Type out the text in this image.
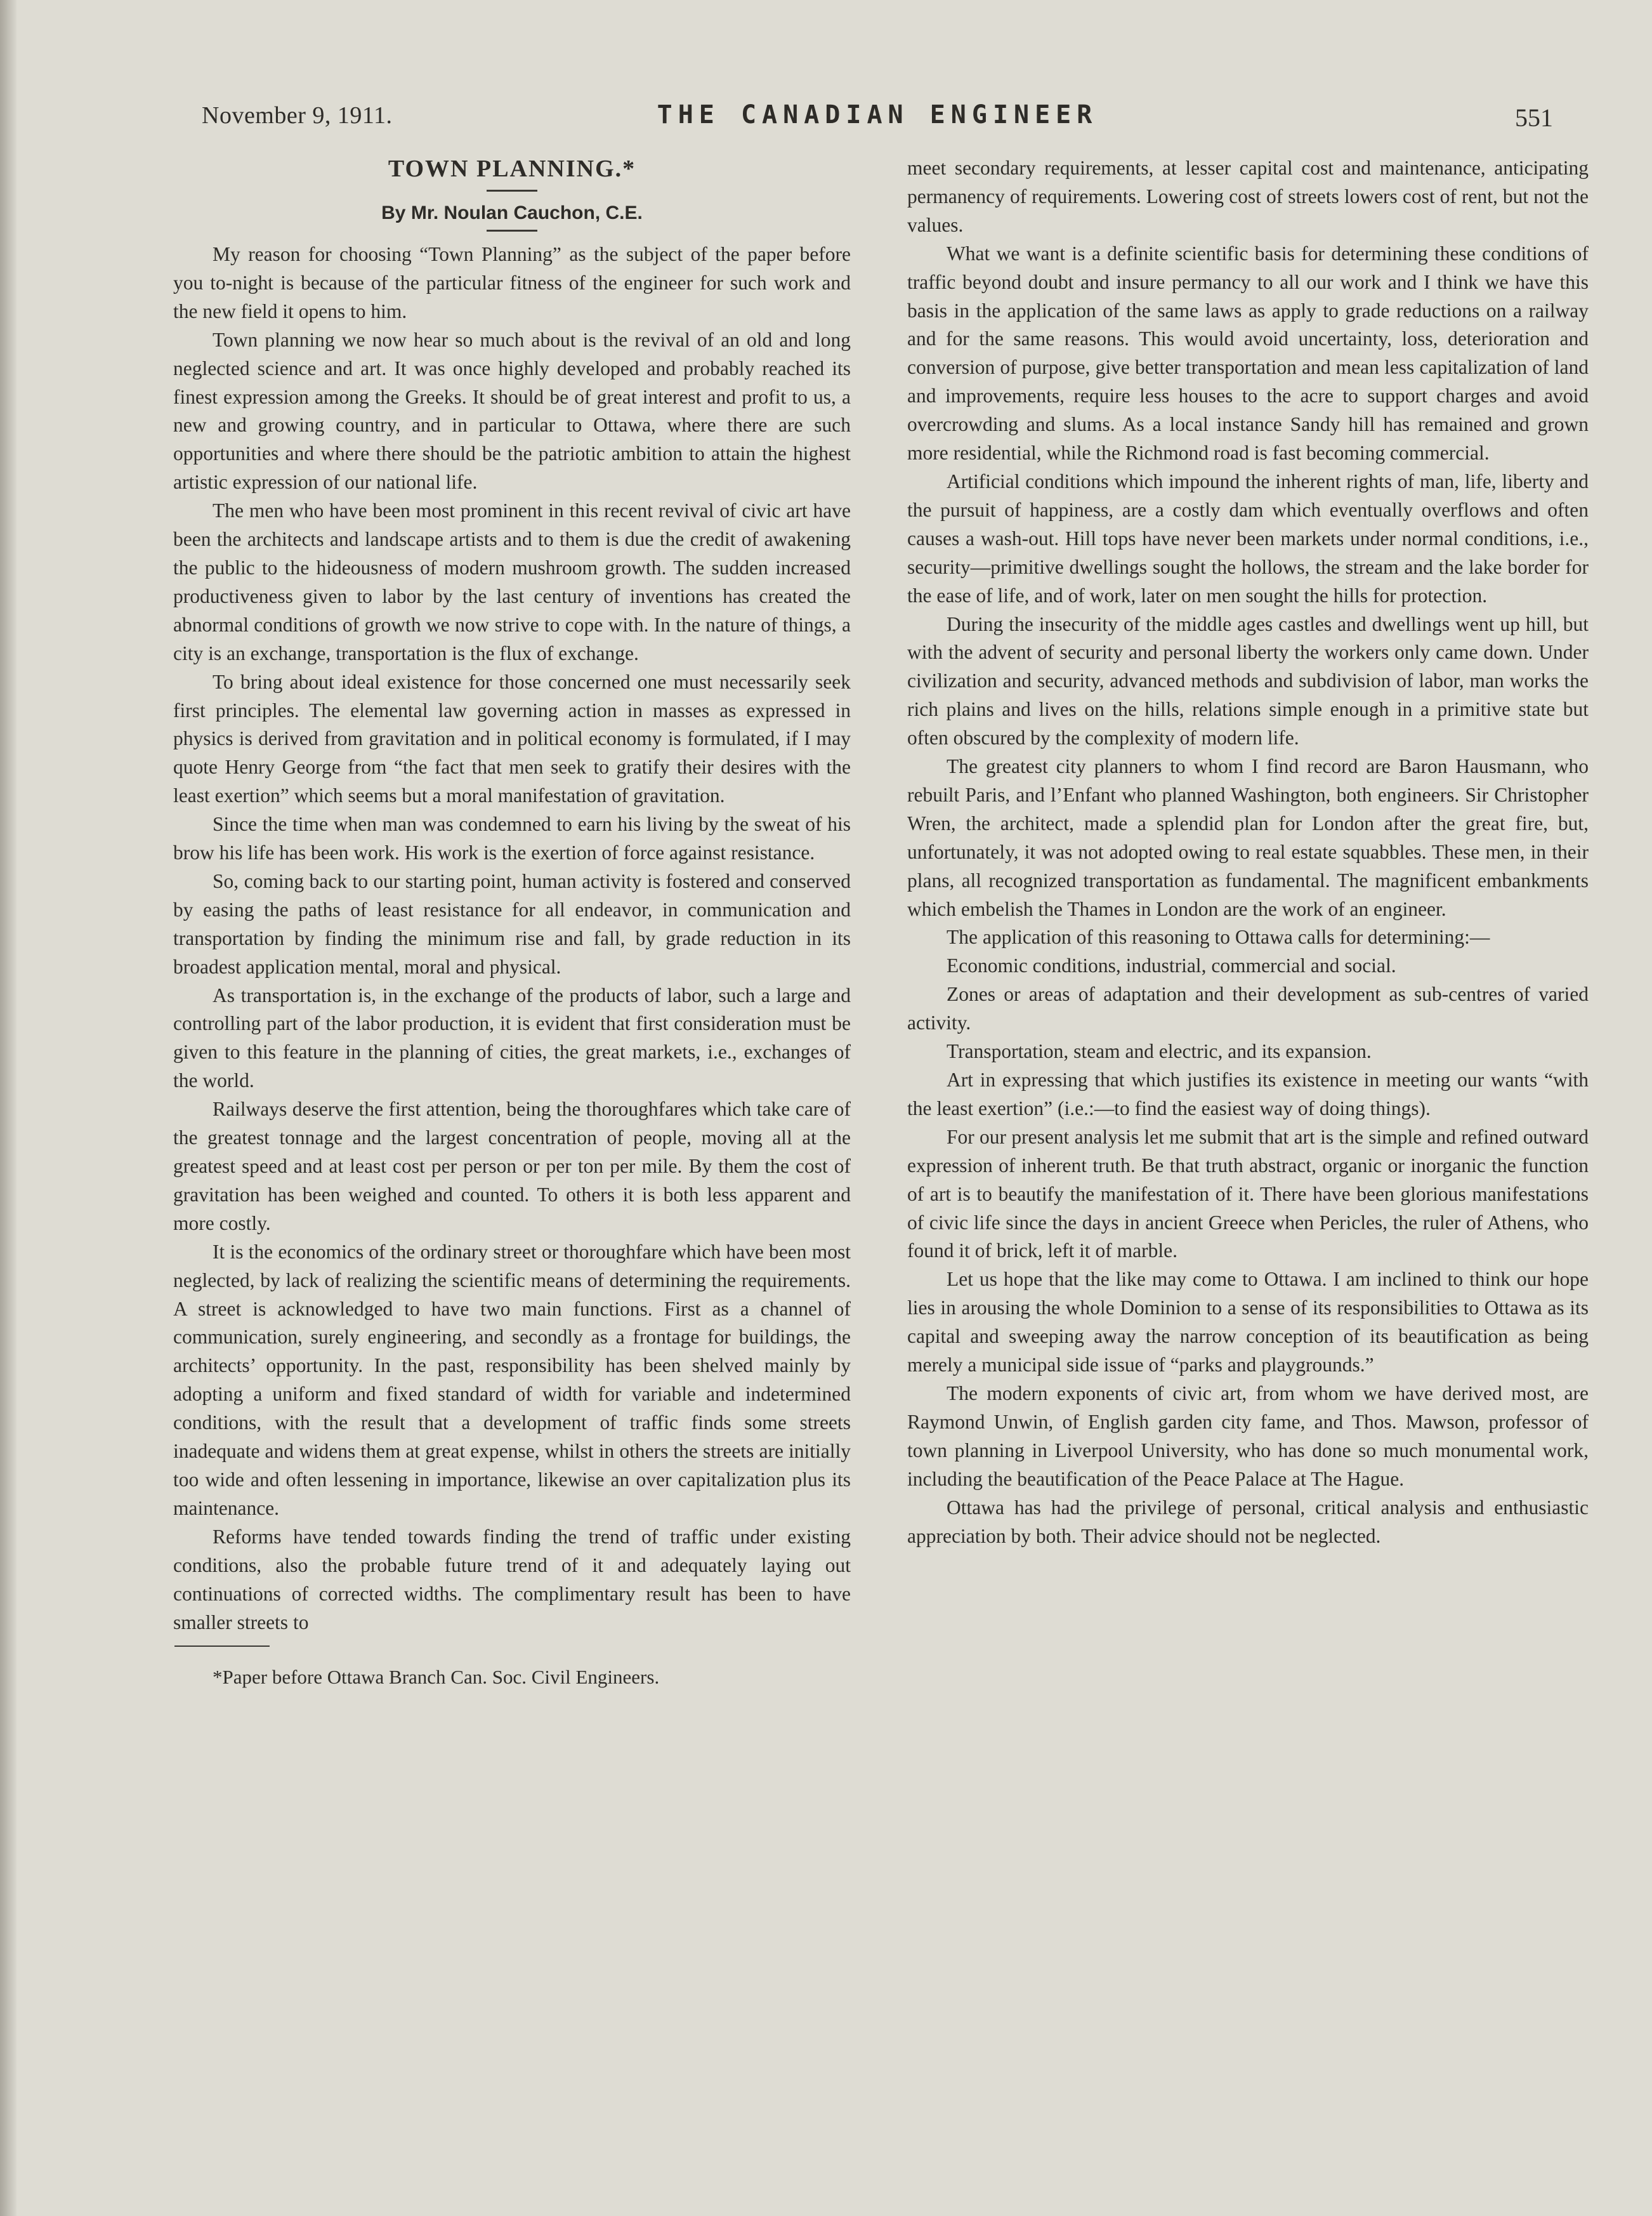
November 9, 1911.	THE CANADIAN ENGINEER	551
TOWN PLANNING.*
By Mr. Noulan Cauchon, C.E.

My reason for choosing “Town Planning” as the subject of the paper before you to-night is because of the particular fitness of the engineer for such work and the new field it opens to him.

Town planning we now hear so much about is the revival of an old and long neglected science and art. It was once highly developed and probably reached its finest expression among the Greeks. It should be of great interest and profit to us, a new and growing country, and in particular to Ottawa, where there are such opportunities and where there should be the patriotic ambition to attain the highest artistic expression of our national life.

The men who have been most prominent in this recent revival of civic art have been the architects and landscape artists and to them is due the credit of awakening the public to the hideousness of modern mushroom growth. The sudden increased productiveness given to labor by the last century of inventions has created the abnormal conditions of growth we now strive to cope with. In the nature of things, a city is an exchange, transportation is the flux of exchange.

To bring about ideal existence for those concerned one must necessarily seek first principles. The elemental law governing action in masses as expressed in physics is derived from gravitation and in political economy is formulated, if I may quote Henry George from “the fact that men seek to gratify their desires with the least exertion” which seems but a moral manifestation of gravitation.

Since the time when man was condemned to earn his living by the sweat of his brow his life has been work. His work is the exertion of force against resistance.

So, coming back to our starting point, human activity is fostered and conserved by easing the paths of least resistance for all endeavor, in communication and transportation by finding the minimum rise and fall, by grade reduction in its broadest application mental, moral and physical.

As transportation is, in the exchange of the products of labor, such a large and controlling part of the labor production, it is evident that first consideration must be given to this feature in the planning of cities, the great markets, i.e., exchanges of the world.

Railways deserve the first attention, being the thoroughfares which take care of the greatest tonnage and the largest concentration of people, moving all at the greatest speed and at least cost per person or per ton per mile. By them the cost of gravitation has been weighed and counted. To others it is both less apparent and more costly.

It is the economics of the ordinary street or thoroughfare which have been most neglected, by lack of realizing the scientific means of determining the requirements. A street is acknowledged to have two main functions. First as a channel of communication, surely engineering, and secondly as a frontage for buildings, the architects’ opportunity. In the past, responsibility has been shelved mainly by adopting a uniform and fixed standard of width for variable and indetermined conditions, with the result that a development of traffic finds some streets inadequate and widens them at great expense, whilst in others the streets are initially too wide and often lessening in importance, likewise an over capitalization plus its maintenance.

Reforms have tended towards finding the trend of traffic under existing conditions, also the probable future trend of it and adequately laying out continuations of corrected widths. The complimentary result has been to have smaller streets to

*Paper before Ottawa Branch Can. Soc. Civil Engineers.

meet secondary requirements, at lesser capital cost and maintenance, anticipating permanency of requirements. Lowering cost of streets lowers cost of rent, but not the values.

What we want is a definite scientific basis for determining these conditions of traffic beyond doubt and insure permancy to all our work and I think we have this basis in the application of the same laws as apply to grade reductions on a railway and for the same reasons. This would avoid uncertainty, loss, deterioration and conversion of purpose, give better transportation and mean less capitalization of land and improvements, require less houses to the acre to support charges and avoid overcrowding and slums. As a local instance Sandy hill has remained and grown more residential, while the Richmond road is fast becoming commercial.

Artificial conditions which impound the inherent rights of man, life, liberty and the pursuit of happiness, are a costly dam which eventually overflows and often causes a wash-out. Hill tops have never been markets under normal conditions, i.e., security—primitive dwellings sought the hollows, the stream and the lake border for the ease of life, and of work, later on men sought the hills for protection.

During the insecurity of the middle ages castles and dwellings went up hill, but with the advent of security and personal liberty the workers only came down. Under civilization and security, advanced methods and subdivision of labor, man works the rich plains and lives on the hills, relations simple enough in a primitive state but often obscured by the complexity of modern life.

The greatest city planners to whom I find record are Baron Hausmann, who rebuilt Paris, and l’Enfant who planned Washington, both engineers. Sir Christopher Wren, the architect, made a splendid plan for London after the great fire, but, unfortunately, it was not adopted owing to real estate squabbles. These men, in their plans, all recognized transportation as fundamental. The magnificent embankments which embelish the Thames in London are the work of an engineer.

The application of this reasoning to Ottawa calls for determining:—

Economic conditions, industrial, commercial and social.

Zones or areas of adaptation and their development as sub-centres of varied activity.

Transportation, steam and electric, and its expansion.

Art in expressing that which justifies its existence in meeting our wants “with the least exertion” (i.e.:—to find the easiest way of doing things).

For our present analysis let me submit that art is the simple and refined outward expression of inherent truth. Be that truth abstract, organic or inorganic the function of art is to beautify the manifestation of it. There have been glorious manifestations of civic life since the days in ancient Greece when Pericles, the ruler of Athens, who found it of brick, left it of marble.

Let us hope that the like may come to Ottawa. I am inclined to think our hope lies in arousing the whole Dominion to a sense of its responsibilities to Ottawa as its capital and sweeping away the narrow conception of its beautification as being merely a municipal side issue of “parks and playgrounds.”

The modern exponents of civic art, from whom we have derived most, are Raymond Unwin, of English garden city fame, and Thos. Mawson, professor of town planning in Liverpool University, who has done so much monumental work, including the beautification of the Peace Palace at The Hague.

Ottawa has had the privilege of personal, critical analysis and enthusiastic appreciation by both. Their advice should not be neglected.
